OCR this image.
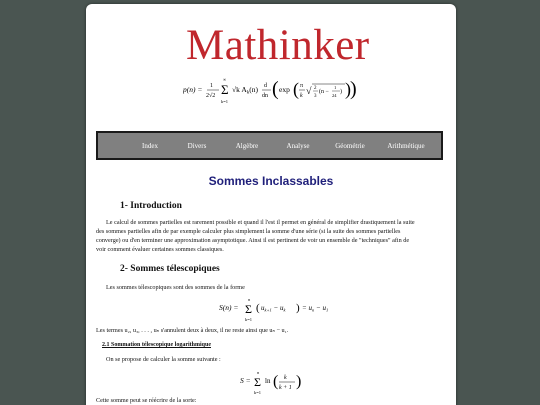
Mathinker
p(n) = 1
2√2 Σ
∞
k=1
√k $A_k(n)$ d
dn ( exp ( π
k √ 2
3
(n −
1
24
) ) )
Index	Divers	Algèbre	Analyse	Géométrie	Arithmétique
Sommes Inclassables
1- Introduction
Le calcul de sommes partielles est rarement possible et quand il l'est il permet en général de simplifier drastiquement la suite
des sommes partielles afin de par exemple calculer plus simplement la somme d'une série (si la suite des sommes partielles
converge) ou d'en terminer une approximation asymptotique. Ainsi il est pertinent de voir un ensemble de "techniques" afin de
voir comment évaluer certaines sommes classiques.
2- Sommes télescopiques
Les sommes télescopiques sont des sommes de la forme
S(n) = Σ
n
k=1
( $u_{k+1} - u_k$ ) = $u_n - u_1$
Les termes u₂, u₃, . . . , uₙ s'annulent deux à deux, il ne reste ainsi que uₙ − u₁.
2.1 Sommation télescopique logarithmique
On se propose de calculer la somme suivante :
S = Σ
n
k=1
ln ( k
k + 1 )
Cette somme peut se réécrire de la sorte:
